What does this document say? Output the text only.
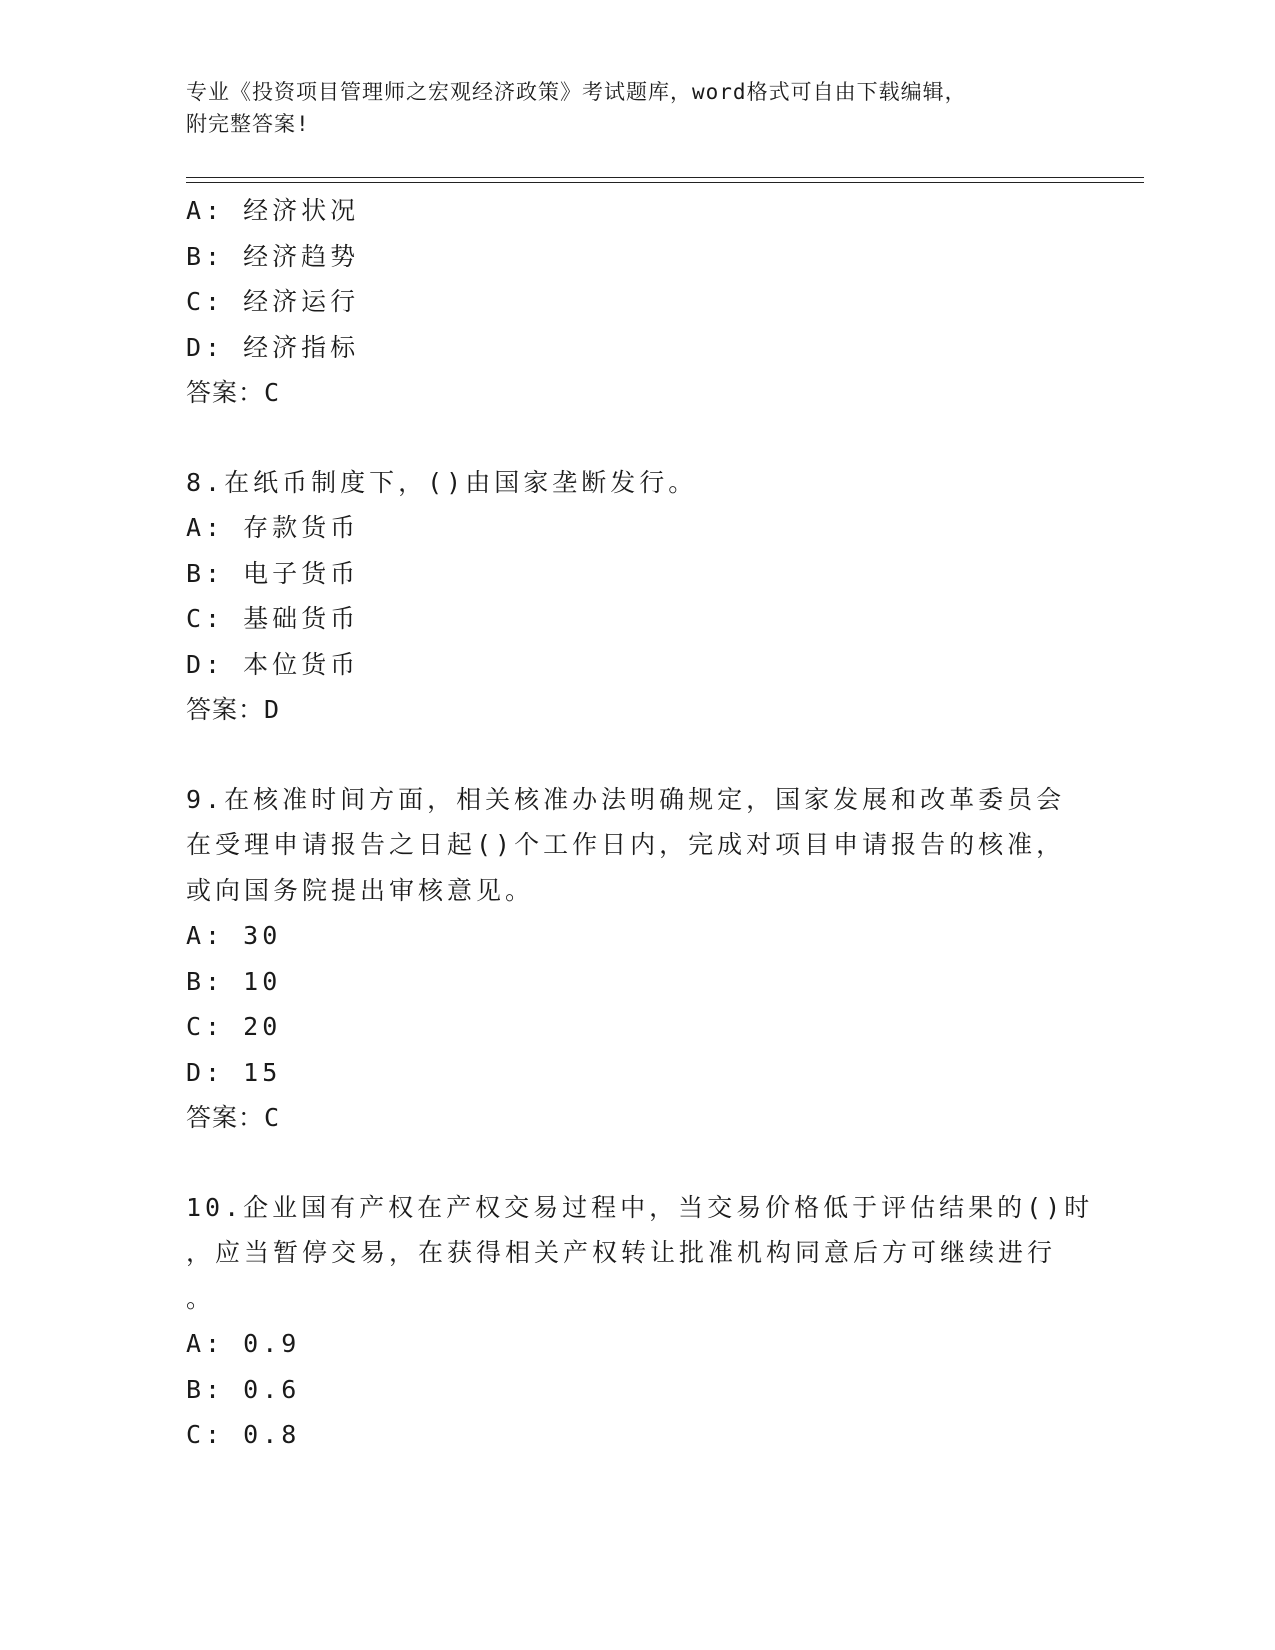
专业《投资项目管理师之宏观经济政策》考试题库，word格式可自由下载编辑，
附完整答案!
A: 经济状况
B: 经济趋势
C: 经济运行
D: 经济指标
答案：C
8.在纸币制度下，()由国家垄断发行。
A: 存款货币
B: 电子货币
C: 基础货币
D: 本位货币
答案：D
9.在核准时间方面，相关核准办法明确规定，国家发展和改革委员会
在受理申请报告之日起()个工作日内，完成对项目申请报告的核准，
或向国务院提出审核意见。
A: 30
B: 10
C: 20
D: 15
答案：C
10.企业国有产权在产权交易过程中，当交易价格低于评估结果的()时
，应当暂停交易，在获得相关产权转让批准机构同意后方可继续进行
。
A: 0.9
B: 0.6
C: 0.8
